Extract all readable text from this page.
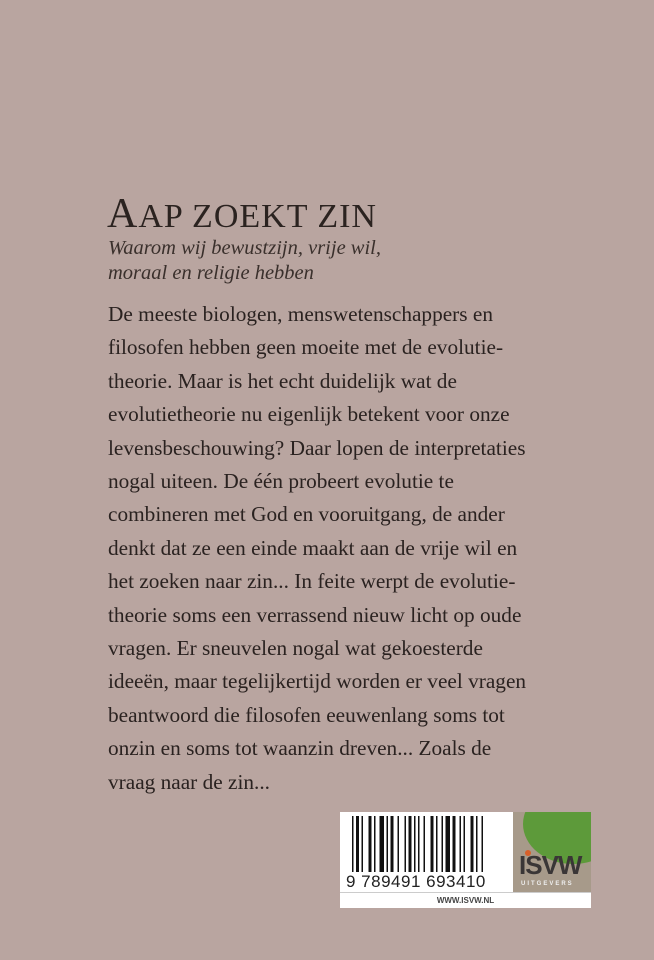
AAP ZOEKT ZIN
Waarom wij bewustzijn, vrije wil,
moraal en religie hebben
De meeste biologen, menswetenschappers en
filosofen hebben geen moeite met de evolutie-
theorie. Maar is het echt duidelijk wat de
evolutietheorie nu eigenlijk betekent voor onze
levensbeschouwing? Daar lopen de interpretaties
nogal uiteen. De één probeert evolutie te
combineren met God en vooruitgang, de ander
denkt dat ze een einde maakt aan de vrije wil en
het zoeken naar zin... In feite werpt de evolutie-
theorie soms een verrassend nieuw licht op oude
vragen. Er sneuvelen nogal wat gekoesterde
ideeën, maar tegelijkertijd worden er veel vragen
beantwoord die filosofen eeuwenlang soms tot
onzin en soms tot waanzin dreven... Zoals de
vraag naar de zin...
9 789491 693410
ISVW
UITGEVERS
WWW.ISVW.NL
